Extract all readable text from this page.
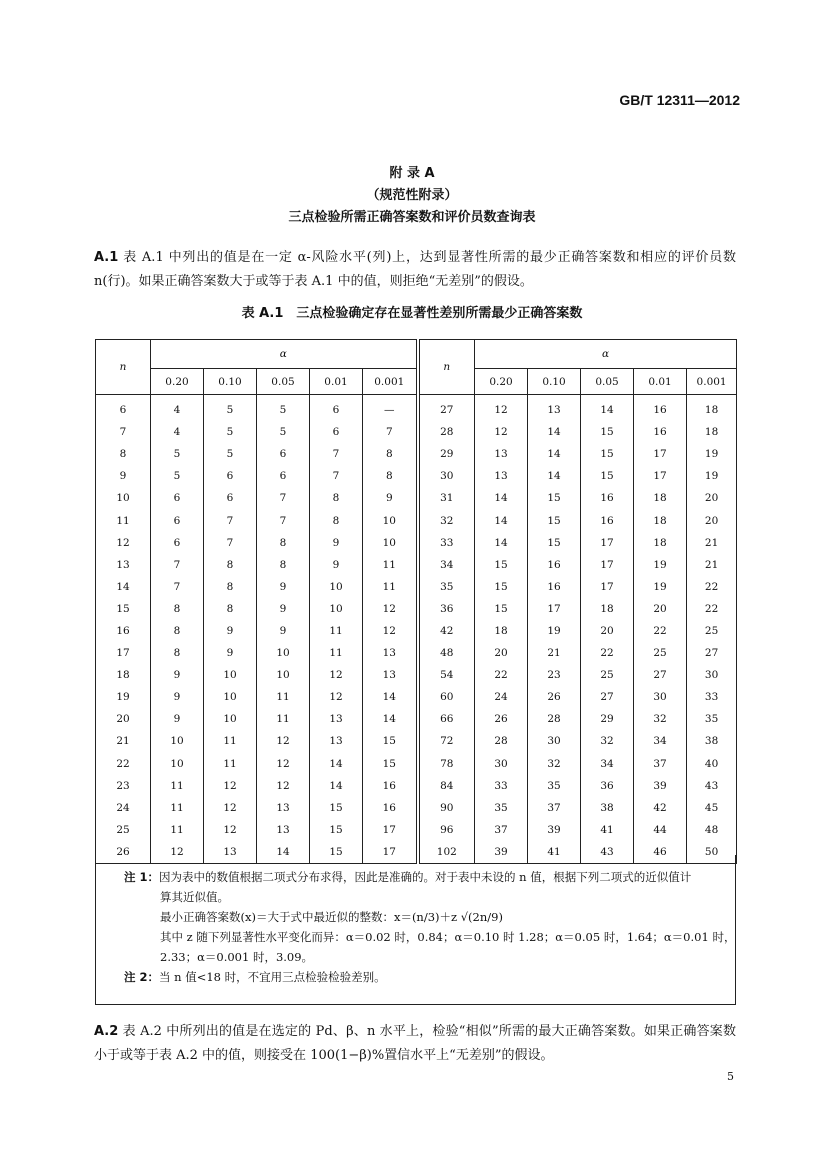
GB/T 12311—2012
附 录 A
（规范性附录）
三点检验所需正确答案数和评价员数查询表
A.1 表 A.1 中列出的值是在一定 α-风险水平(列)上，达到显著性所需的最少正确答案数和相应的评价员数 n(行)。如果正确答案数大于或等于表 A.1 中的值，则拒绝“无差别”的假设。
表 A.1　三点检验确定存在显著性差别所需最少正确答案数
n	α					n	α				
	0.20	0.10	0.05	0.01	0.001		0.20	0.10	0.05	0.01	0.001
6	4	5	5	6	—	27	12	13	14	16	18
7	4	5	5	6	7	28	12	14	15	16	18
8	5	5	6	7	8	29	13	14	15	17	19
9	5	6	6	7	8	30	13	14	15	17	19
10	6	6	7	8	9	31	14	15	16	18	20
11	6	7	7	8	10	32	14	15	16	18	20
12	6	7	8	9	10	33	14	15	17	18	21
13	7	8	8	9	11	34	15	16	17	19	21
14	7	8	9	10	11	35	15	16	17	19	22
15	8	8	9	10	12	36	15	17	18	20	22
16	8	9	9	11	12	42	18	19	20	22	25
17	8	9	10	11	13	48	20	21	22	25	27
18	9	10	10	12	13	54	22	23	25	27	30
19	9	10	11	12	14	60	24	26	27	30	33
20	9	10	11	13	14	66	26	28	29	32	35
21	10	11	12	13	15	72	28	30	32	34	38
22	10	11	12	14	15	78	30	32	34	37	40
23	11	12	12	14	16	84	33	35	36	39	43
24	11	12	13	15	16	90	35	37	38	42	45
25	11	12	13	15	17	96	37	39	41	44	48
26	12	13	14	15	17	102	39	41	43	46	50
注 1：因为表中的数值根据二项式分布求得，因此是准确的。对于表中未设的 n 值，根据下列二项式的近似值计
算其近似值。
最小正确答案数(x)＝大于式中最近似的整数：x＝(n/3)＋z √(2n/9)
其中 z 随下列显著性水平变化而异：α＝0.02 时，0.84；α＝0.10 时 1.28；α＝0.05 时，1.64；α＝0.01 时，
2.33；α＝0.001 时，3.09。
注 2：当 n 值<18 时，不宜用三点检验检验差别。
A.2 表 A.2 中所列出的值是在选定的 Pd、β、n 水平上，检验“相似”所需的最大正确答案数。如果正确答案数小于或等于表 A.2 中的值，则接受在 100(1−β)%置信水平上“无差别”的假设。
5
